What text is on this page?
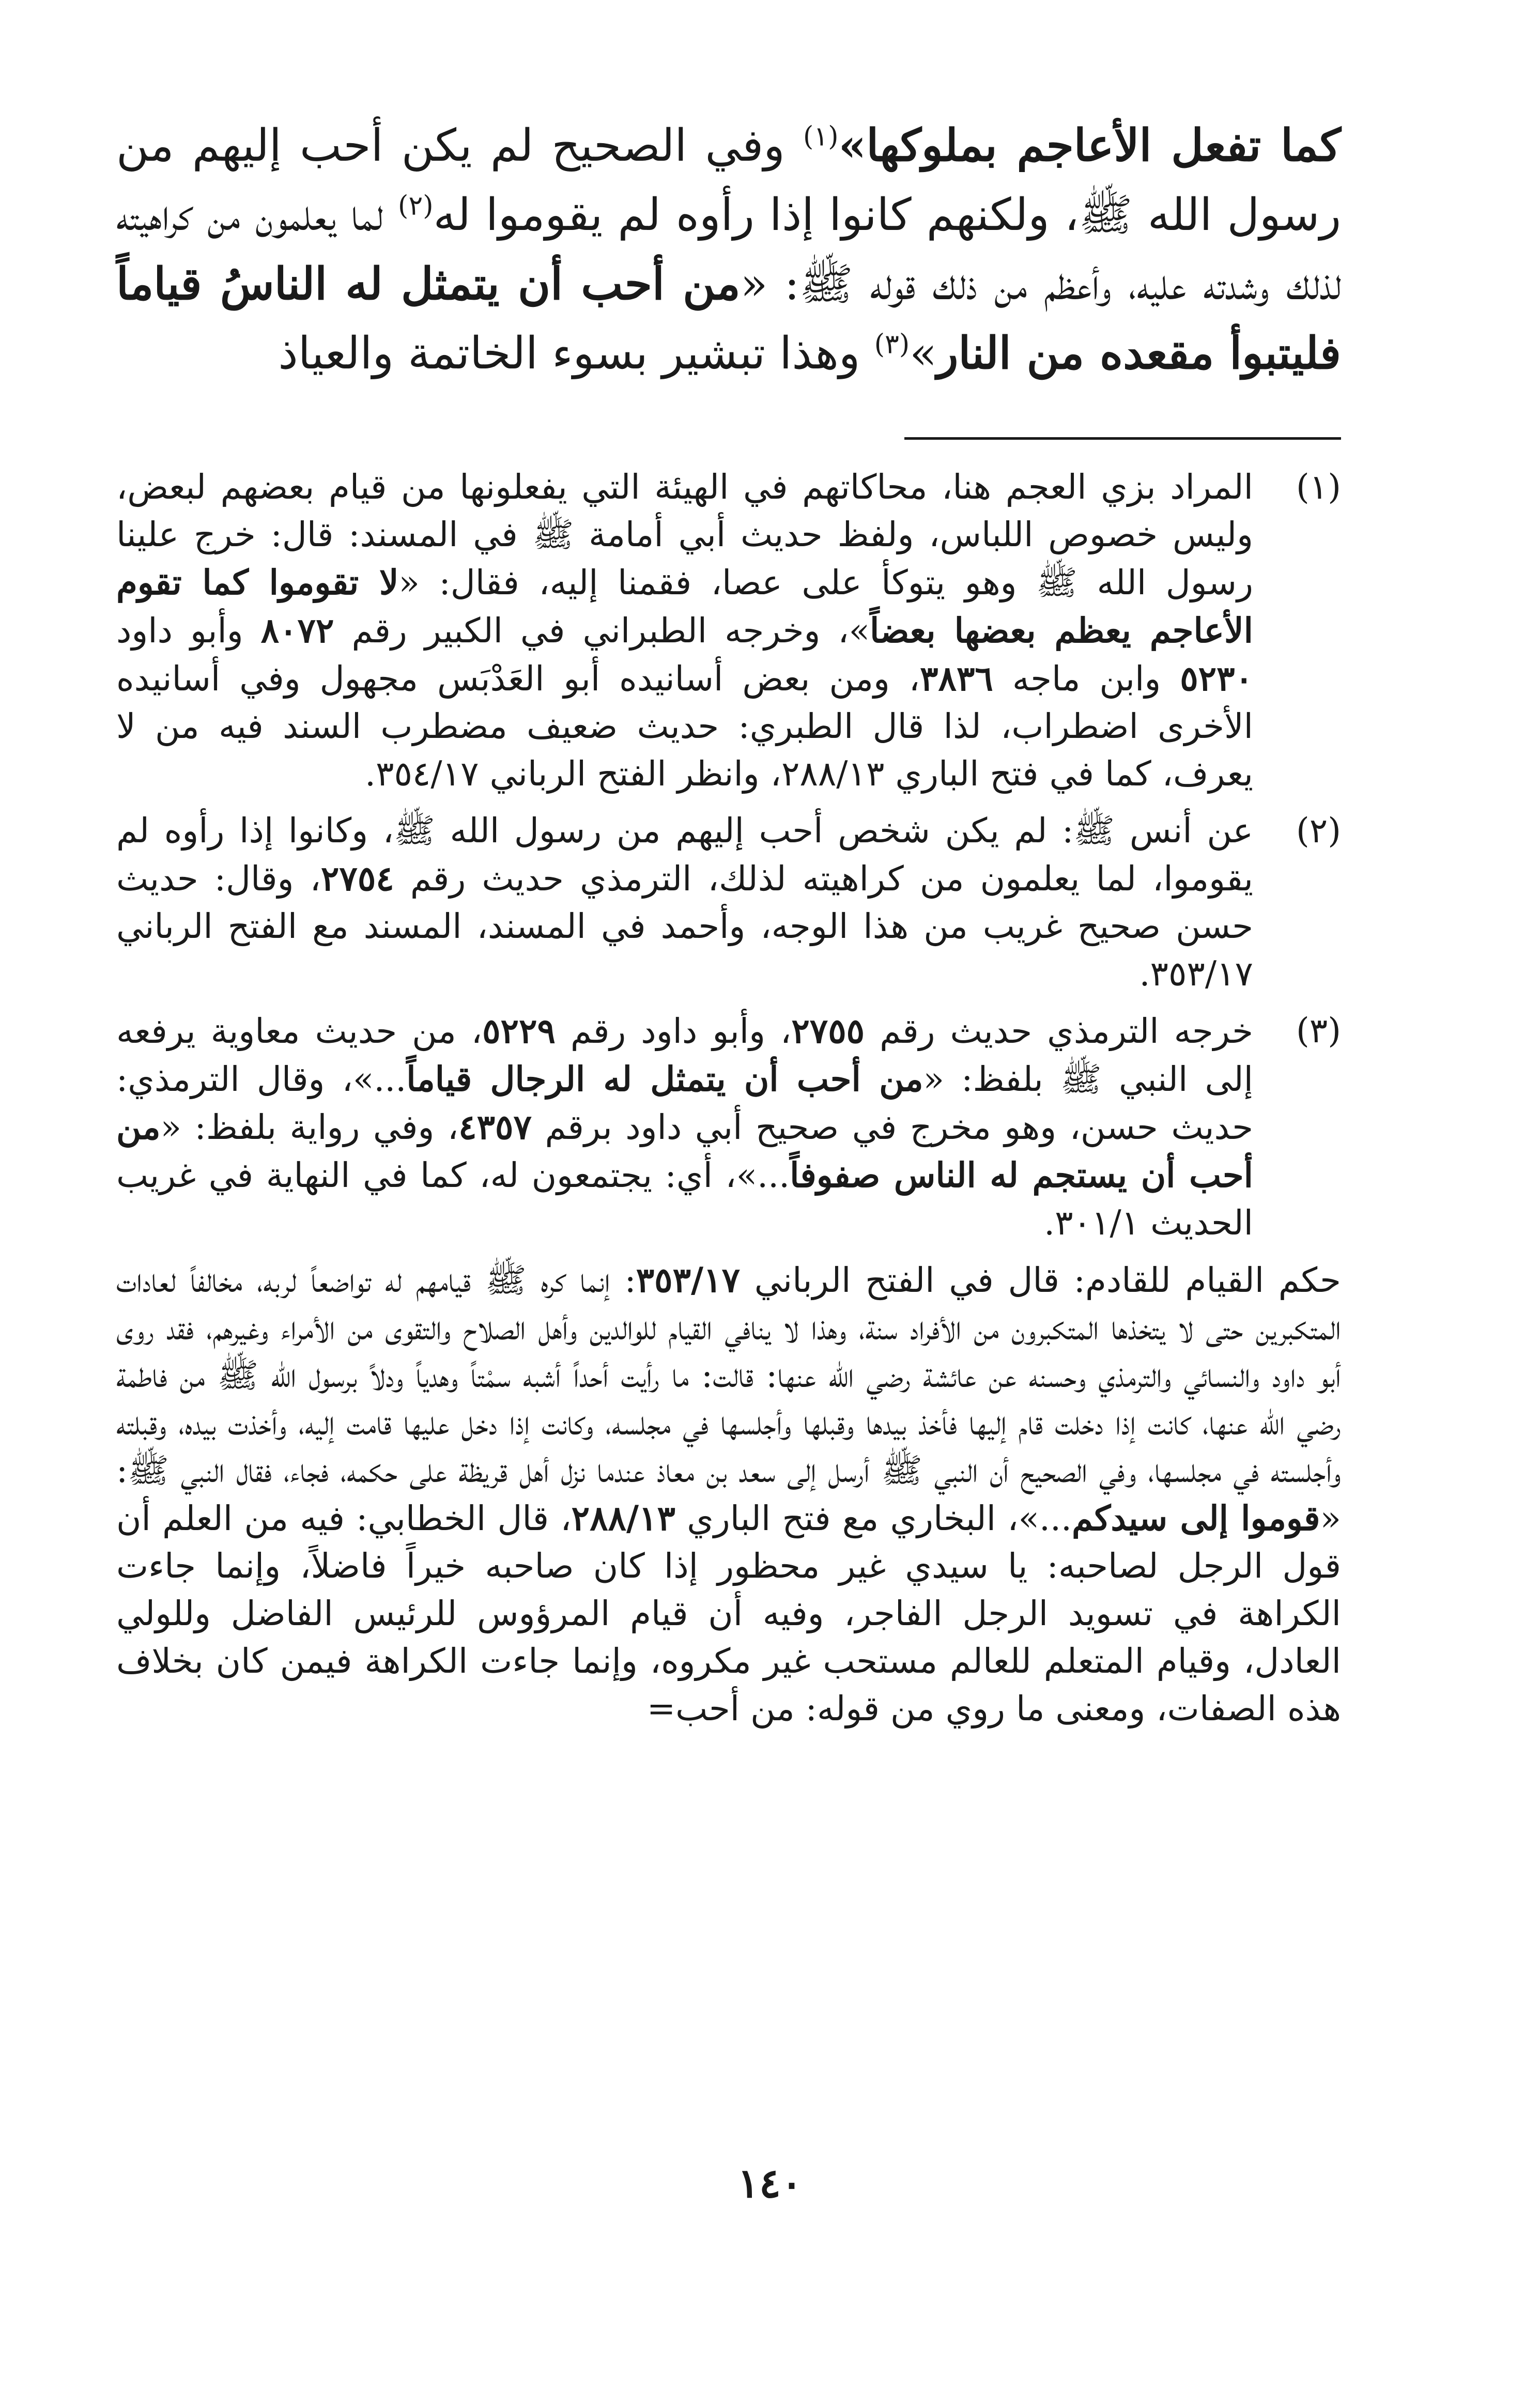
كما تفعل الأعاجم بملوكها»$^{(١)}$ وفي الصحيح لم يكن أحب إليهم من رسول الله ﷺ، ولكنهم كانوا إذا رأوه لم يقوموا له$^{(٢)}$ لما يعلمون من كراهيته لذلك وشدته عليه، وأعظم من ذلك قوله ﷺ: «من أحب أن يتمثل له الناسُ قياماً فليتبوأ مقعده من النار»$^{(٣)}$ وهذا تبشير بسوء الخاتمة والعياذ

(١)

المراد بزي العجم هنا، محاكاتهم في الهيئة التي يفعلونها من قيام بعضهم لبعض، وليس خصوص اللباس، ولفظ حديث أبي أمامة ﷺ في المسند: قال: خرج علينا رسول الله ﷺ وهو يتوكأ على عصا، فقمنا إليه، فقال: «لا تقوموا كما تقوم الأعاجم يعظم بعضها بعضاً»، وخرجه الطبراني في الكبير رقم ٨٠٧٢ وأبو داود ٥٢٣٠ وابن ماجه ٣٨٣٦، ومن بعض أسانيده أبو العَدْبَس مجهول وفي أسانيده الأخرى اضطراب، لذا قال الطبري: حديث ضعيف مضطرب السند فيه من لا يعرف، كما في فتح الباري ٢٨٨/١٣، وانظر الفتح الرباني ٣٥٤/١٧.

(٢)

عن أنس ﷺ: لم يكن شخص أحب إليهم من رسول الله ﷺ، وكانوا إذا رأوه لم يقوموا، لما يعلمون من كراهيته لذلك، الترمذي حديث رقم ٢٧٥٤، وقال: حديث حسن صحيح غريب من هذا الوجه، وأحمد في المسند، المسند مع الفتح الرباني ٣٥٣/١٧.

(٣)

خرجه الترمذي حديث رقم ٢٧٥٥، وأبو داود رقم ٥٢٢٩، من حديث معاوية يرفعه إلى النبي ﷺ بلفظ: «من أحب أن يتمثل له الرجال قياماً...»، وقال الترمذي: حديث حسن، وهو مخرج في صحيح أبي داود برقم ٤٣٥٧، وفي رواية بلفظ: «من أحب أن يستجم له الناس صفوفاً...»، أي: يجتمعون له، كما في النهاية في غريب الحديث ٣٠١/١.

حكم القيام للقادم: قال في الفتح الرباني ٣٥٣/١٧: إنما كره ﷺ قيامهم له تواضعاً لربه، مخالفاً لعادات المتكبرين حتى لا يتخذها المتكبرون من الأفراد سنة، وهذا لا ينافي القيام للوالدين وأهل الصلاح والتقوى من الأمراء وغيرهم، فقد روى أبو داود والنسائي والترمذي وحسنه عن عائشة رضي الله عنها: قالت: ما رأيت أحداً أشبه سمْتاً وهدياً ودلاً برسول الله ﷺ من فاطمة رضي الله عنها، كانت إذا دخلت قام إليها فأخذ بيدها وقبلها وأجلسها في مجلسه، وكانت إذا دخل عليها قامت إليه، وأخذت بيده، وقبلته وأجلسته في مجلسها، وفي الصحيح أن النبي ﷺ أرسل إلى سعد بن معاذ عندما نزل أهل قريظة على حكمه، فجاء، فقال النبي ﷺ: «قوموا إلى سيدكم...»، البخاري مع فتح الباري ٢٨٨/١٣، قال الخطابي: فيه من العلم أن قول الرجل لصاحبه: يا سيدي غير محظور إذا كان صاحبه خيراً فاضلاً، وإنما جاءت الكراهة في تسويد الرجل الفاجر، وفيه أن قيام المرؤوس للرئيس الفاضل وللولي العادل، وقيام المتعلم للعالم مستحب غير مكروه، وإنما جاءت الكراهة فيمن كان بخلاف هذه الصفات، ومعنى ما روي من قوله: من أحب=

١٤٠
